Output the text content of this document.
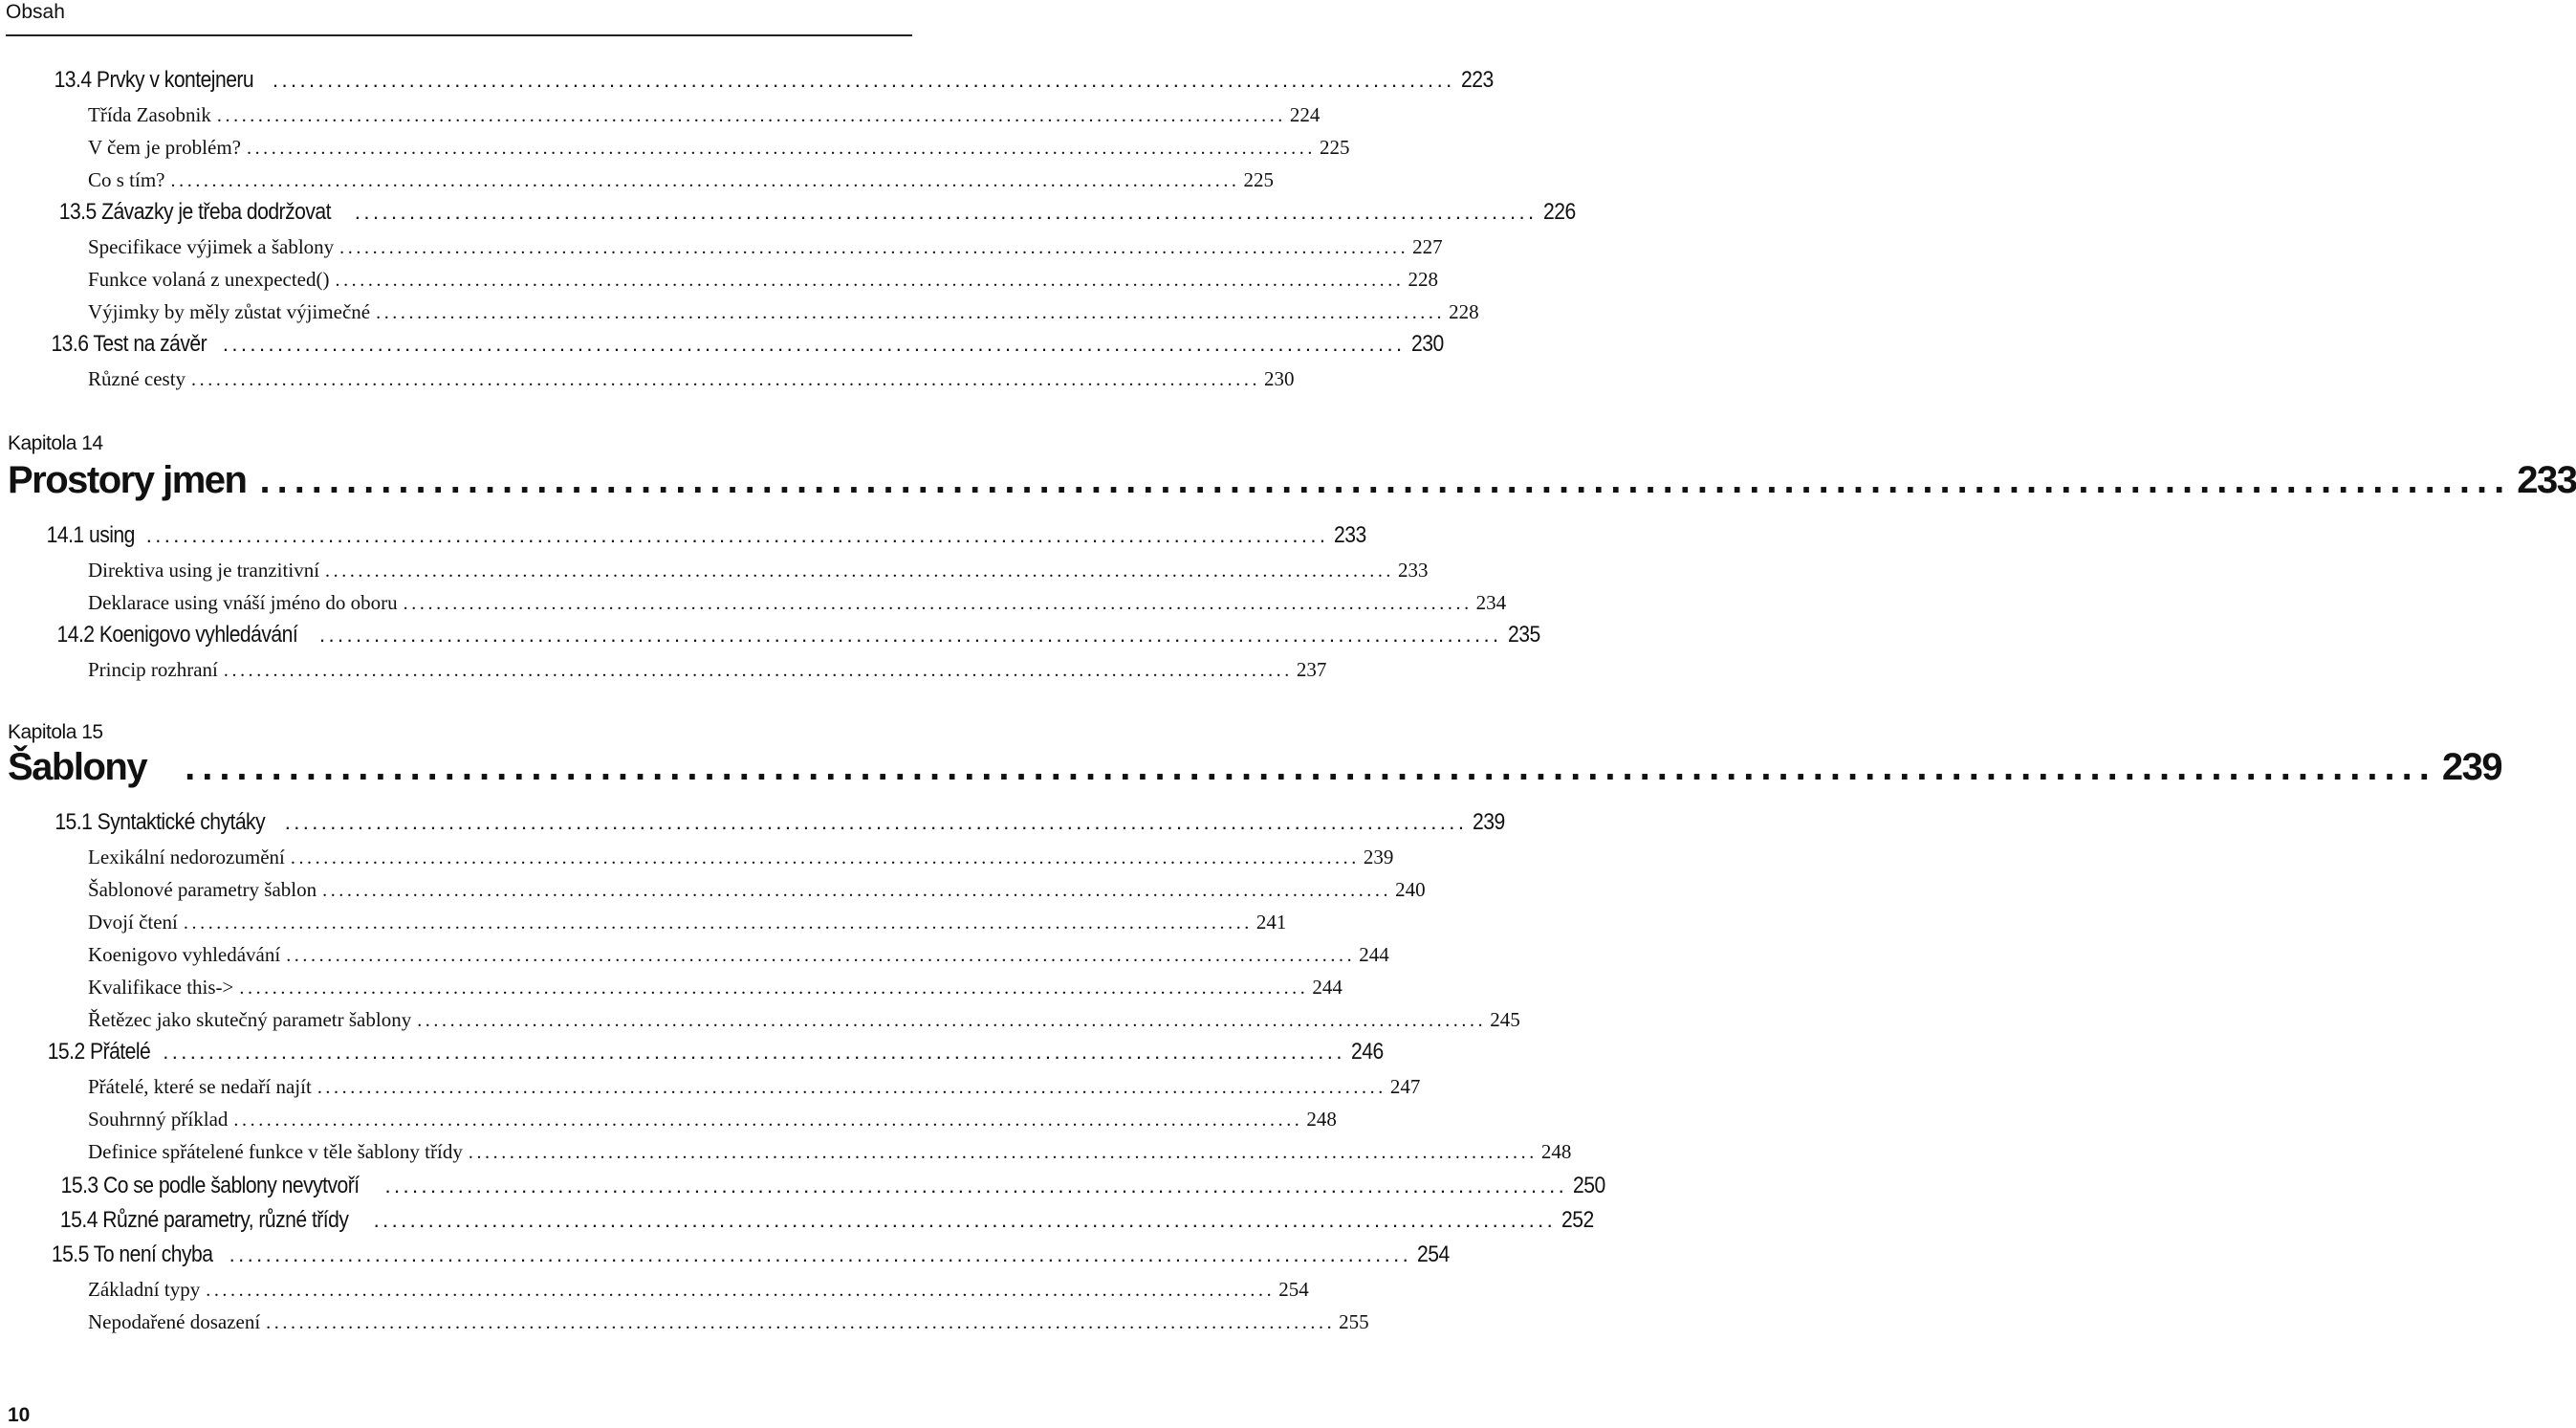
Obsah
13.4 Prvky v kontejneru .................................................................................................................................. 223
Třída Zasobnik .................................................................................................................................. 224
V čem je problém? .................................................................................................................................. 225
Co s tím? .................................................................................................................................. 225
13.5 Závazky je třeba dodržovat .................................................................................................................................. 226
Specifikace výjimek a šablony .................................................................................................................................. 227
Funkce volaná z unexpected() .................................................................................................................................. 228
Výjimky by měly zůstat výjimečné .................................................................................................................................. 228
13.6 Test na závěr .................................................................................................................................. 230
Různé cesty .................................................................................................................................. 230
Kapitola 14
Prostory jmen .................................................................................................................................. 233
14.1 using .................................................................................................................................. 233
Direktiva using je tranzitivní .................................................................................................................................. 233
Deklarace using vnáší jméno do oboru .................................................................................................................................. 234
14.2 Koenigovo vyhledávání .................................................................................................................................. 235
Princip rozhraní .................................................................................................................................. 237
Kapitola 15
Šablony	.................................................................................................................................. 239
15.1 Syntaktické chytáky .................................................................................................................................. 239
Lexikální nedorozumění .................................................................................................................................. 239
Šablonové parametry šablon .................................................................................................................................. 240
Dvojí čtení .................................................................................................................................. 241
Koenigovo vyhledávání .................................................................................................................................. 244
Kvalifikace this-> .................................................................................................................................. 244
Řetězec jako skutečný parametr šablony .................................................................................................................................. 245
15.2 Přátelé .................................................................................................................................. 246
Přátelé, které se nedaří najít .................................................................................................................................. 247
Souhrnný příklad .................................................................................................................................. 248
Definice spřátelené funkce v těle šablony třídy .................................................................................................................................. 248
15.3 Co se podle šablony nevytvoří .................................................................................................................................. 250
15.4 Různé parametry, různé třídy .................................................................................................................................. 252
15.5 To není chyba .................................................................................................................................. 254
Základní typy .................................................................................................................................. 254
Nepodařené dosazení .................................................................................................................................. 255
10
